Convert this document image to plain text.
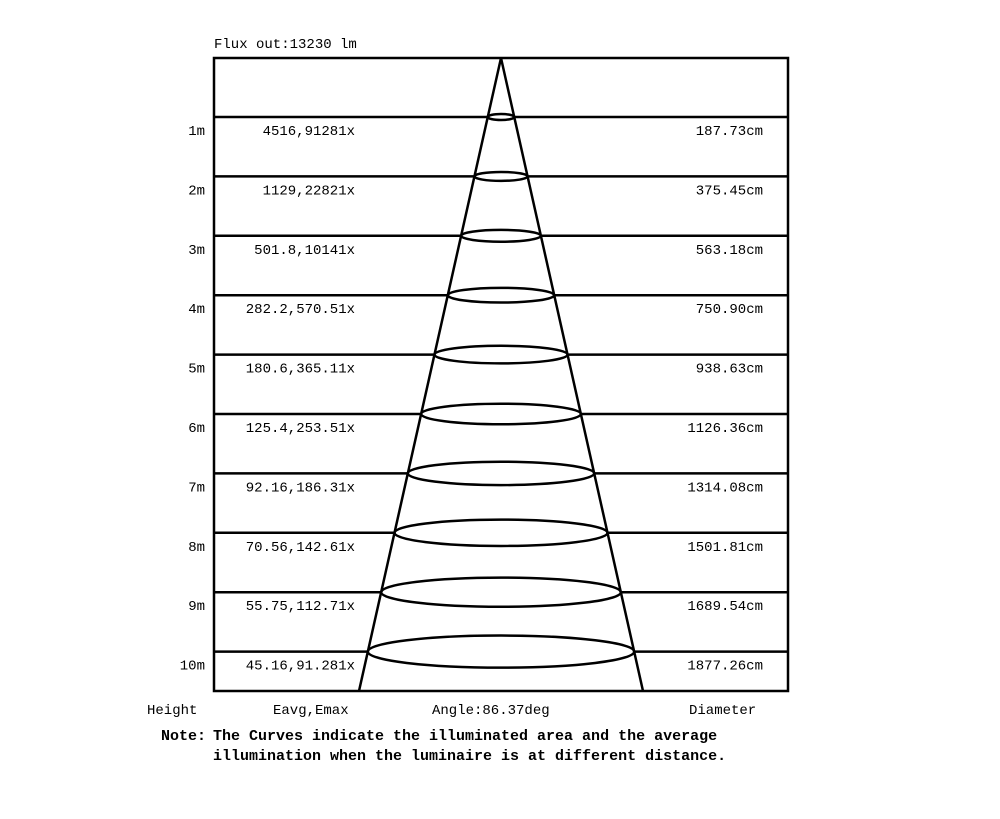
Flux out:13230 lm
1m	4516,91281x	187.73cm
2m	1129,22821x	375.45cm
3m	501.8,10141x	563.18cm
4m	282.2,570.51x	750.90cm
5m	180.6,365.11x	938.63cm
6m	125.4,253.51x	1126.36cm
7m	92.16,186.31x	1314.08cm
8m	70.56,142.61x	1501.81cm
9m	55.75,112.71x	1689.54cm
10m	45.16,91.281x	1877.26cm
Height	Eavg,Emax	Angle:86.37deg	Diameter
Note: The Curves indicate the illuminated area and the average
illumination when the luminaire is at different distance.
